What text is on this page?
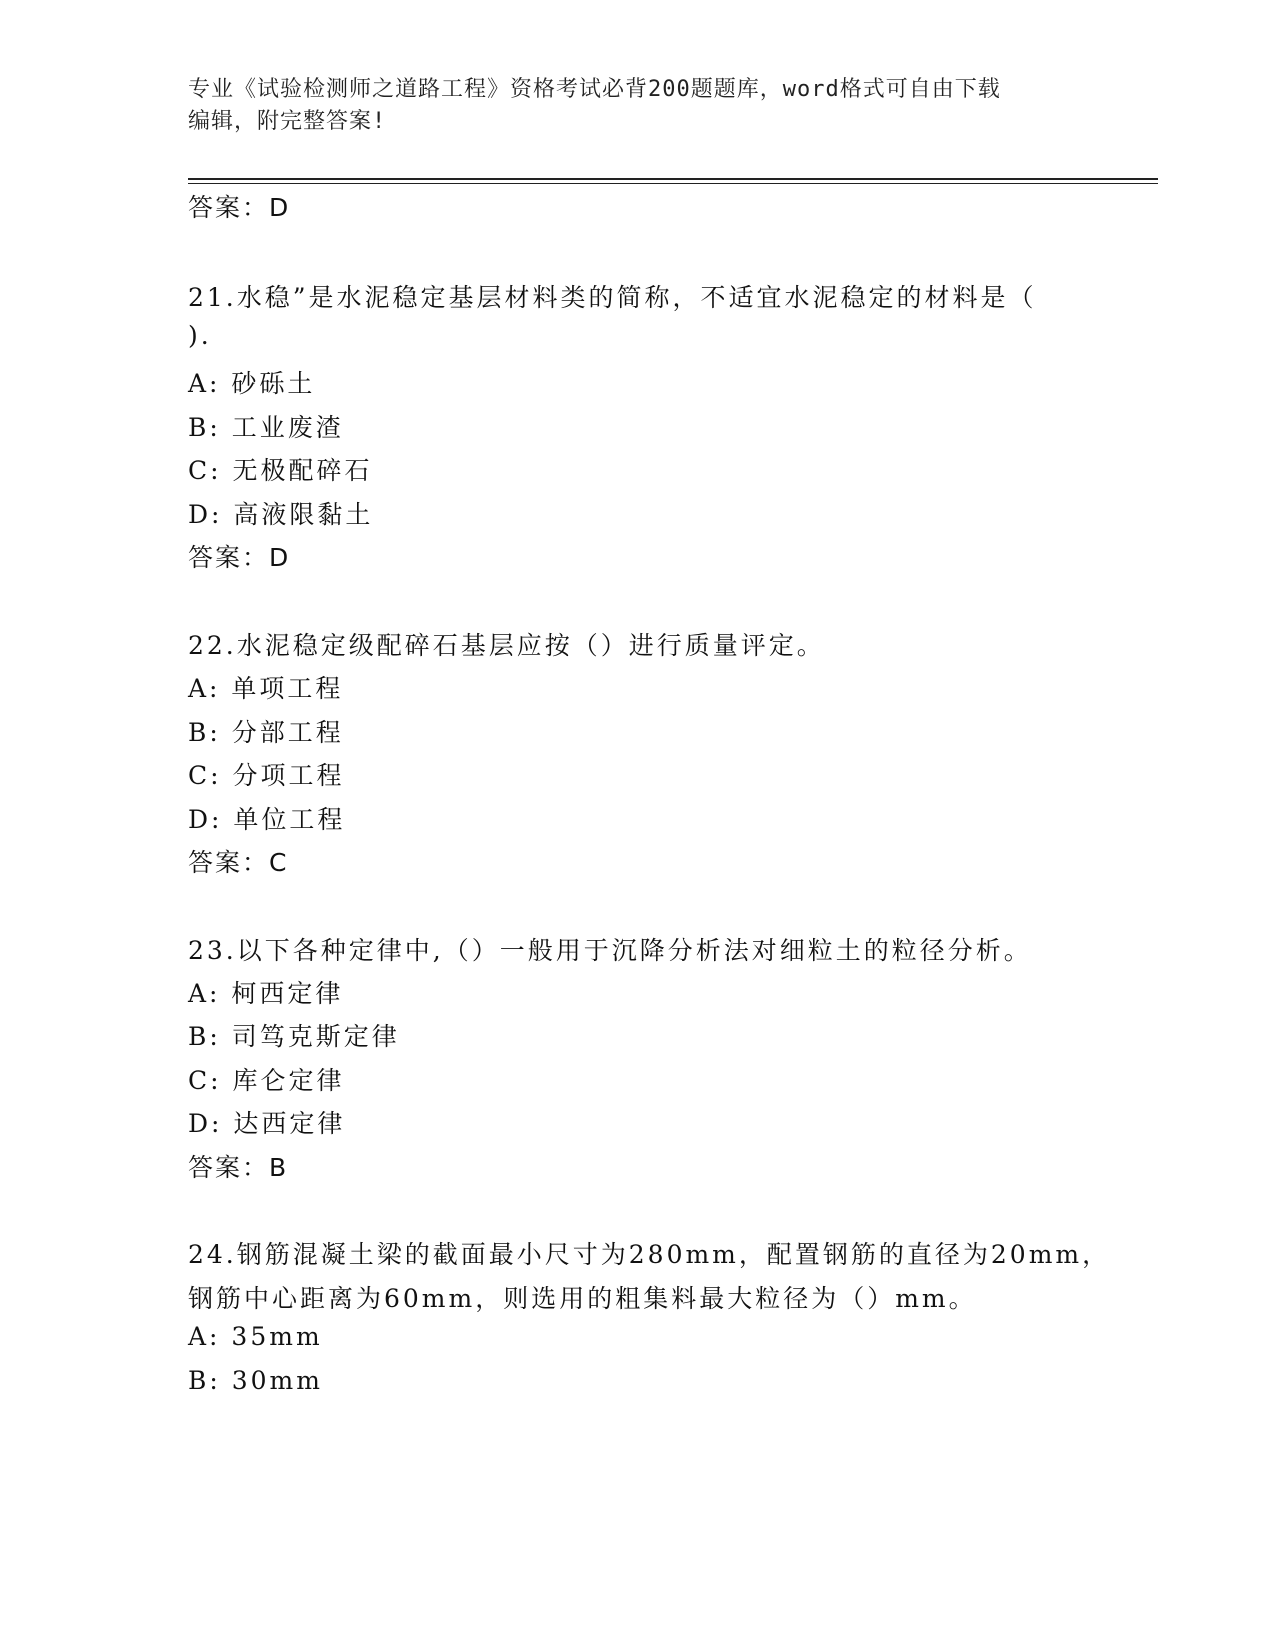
专业《试验检测师之道路工程》资格考试必背200题题库，word格式可自由下载
编辑，附完整答案!
答案：D
21.水稳”是水泥稳定基层材料类的简称，不适宜水泥稳定的材料是（
).
A: 砂砾土
B: 工业废渣
C: 无极配碎石
D: 高液限黏土
答案：D
22.水泥稳定级配碎石基层应按（）进行质量评定。
A: 单项工程
B: 分部工程
C: 分项工程
D: 单位工程
答案：C
23.以下各种定律中,（）一般用于沉降分析法对细粒土的粒径分析。
A: 柯西定律
B: 司笃克斯定律
C: 库仑定律
D: 达西定律
答案：B
24.钢筋混凝土梁的截面最小尺寸为280mm，配置钢筋的直径为20mm，
钢筋中心距离为60mm，则选用的粗集料最大粒径为（）mm。
A: 35mm
B: 30mm
